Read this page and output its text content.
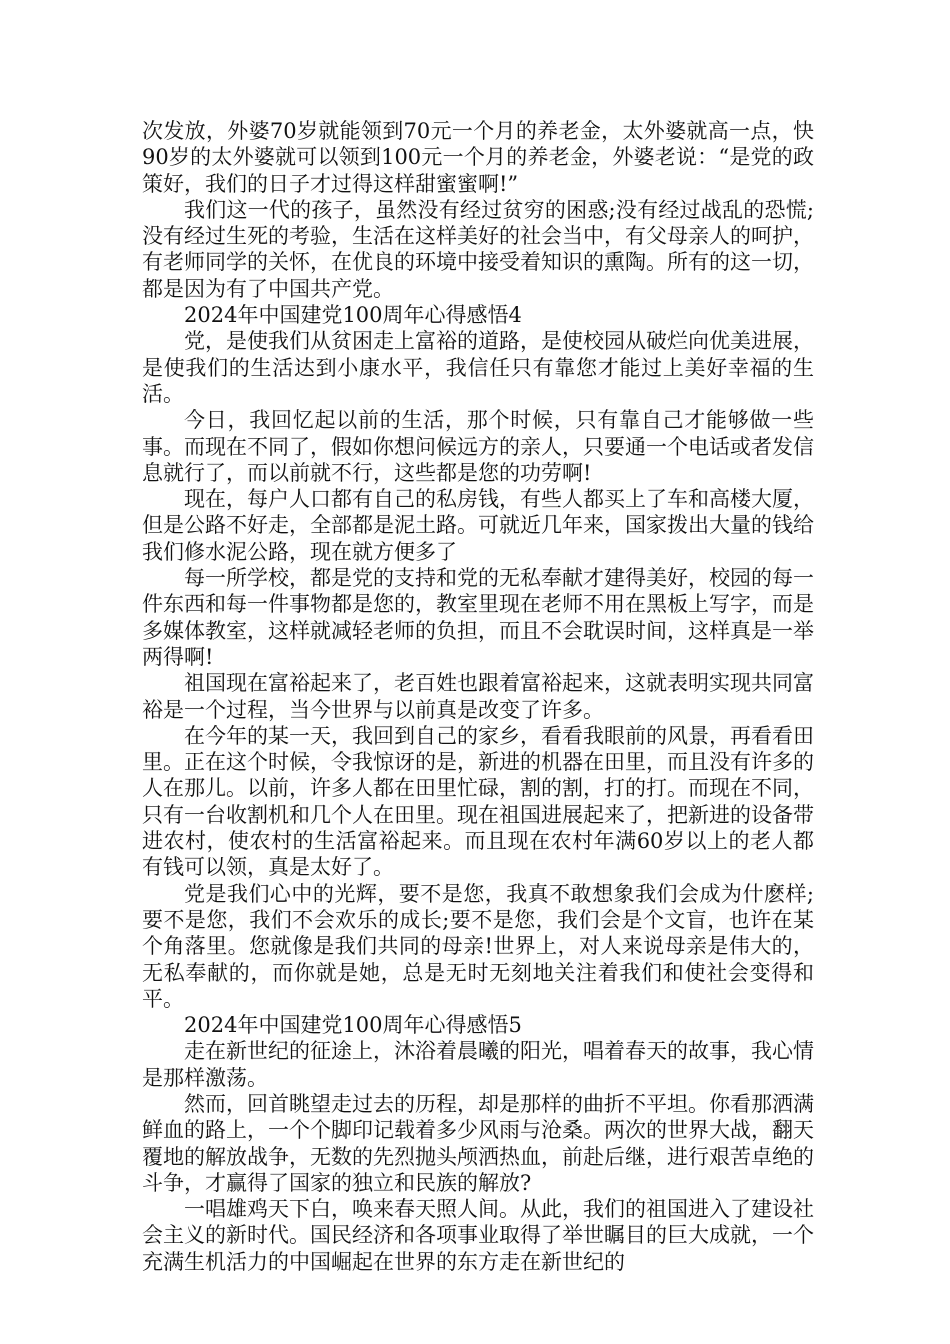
次发放，外婆70岁就能领到70元一个月的养老金，太外婆就高一点，快90岁的太外婆就可以领到100元一个月的养老金，外婆老说：“是党的政策好，我们的日子才过得这样甜蜜蜜啊!”

我们这一代的孩子，虽然没有经过贫穷的困惑;没有经过战乱的恐慌;没有经过生死的考验，生活在这样美好的社会当中，有父母亲人的呵护，有老师同学的关怀，在优良的环境中接受着知识的熏陶。所有的这一切，都是因为有了中国共产党。

2024年中国建党100周年心得感悟4

党，是使我们从贫困走上富裕的道路，是使校园从破烂向优美进展，是使我们的生活达到小康水平，我信任只有靠您才能过上美好幸福的生活。

今日，我回忆起以前的生活，那个时候，只有靠自己才能够做一些事。而现在不同了，假如你想问候远方的亲人，只要通一个电话或者发信息就行了，而以前就不行，这些都是您的功劳啊!

现在，每户人口都有自己的私房钱，有些人都买上了车和高楼大厦，但是公路不好走，全部都是泥土路。可就近几年来，国家拨出大量的钱给我们修水泥公路，现在就方便多了

每一所学校，都是党的支持和党的无私奉献才建得美好，校园的每一件东西和每一件事物都是您的，教室里现在老师不用在黑板上写字，而是多媒体教室，这样就减轻老师的负担，而且不会耽误时间，这样真是一举两得啊!

祖国现在富裕起来了，老百姓也跟着富裕起来，这就表明实现共同富裕是一个过程，当今世界与以前真是改变了许多。

在今年的某一天，我回到自己的家乡，看看我眼前的风景，再看看田里。正在这个时候，令我惊讶的是，新进的机器在田里，而且没有许多的人在那儿。以前，许多人都在田里忙碌，割的割，打的打。而现在不同，只有一台收割机和几个人在田里。现在祖国进展起来了，把新进的设备带进农村，使农村的生活富裕起来。而且现在农村年满60岁以上的老人都有钱可以领，真是太好了。

党是我们心中的光辉，要不是您，我真不敢想象我们会成为什麽样;要不是您，我们不会欢乐的成长;要不是您，我们会是个文盲，也许在某个角落里。您就像是我们共同的母亲!世界上，对人来说母亲是伟大的，无私奉献的，而你就是她，总是无时无刻地关注着我们和使社会变得和平。

2024年中国建党100周年心得感悟5

走在新世纪的征途上，沐浴着晨曦的阳光，唱着春天的故事，我心情是那样激荡。

然而，回首眺望走过去的历程，却是那样的曲折不平坦。你看那洒满鲜血的路上，一个个脚印记载着多少风雨与沧桑。两次的世界大战，翻天覆地的解放战争，无数的先烈抛头颅洒热血，前赴后继，进行艰苦卓绝的斗争，才赢得了国家的独立和民族的解放?

一唱雄鸡天下白，唤来春天照人间。从此，我们的祖国进入了建设社会主义的新时代。国民经济和各项事业取得了举世瞩目的巨大成就，一个充满生机活力的中国崛起在世界的东方走在新世纪的
